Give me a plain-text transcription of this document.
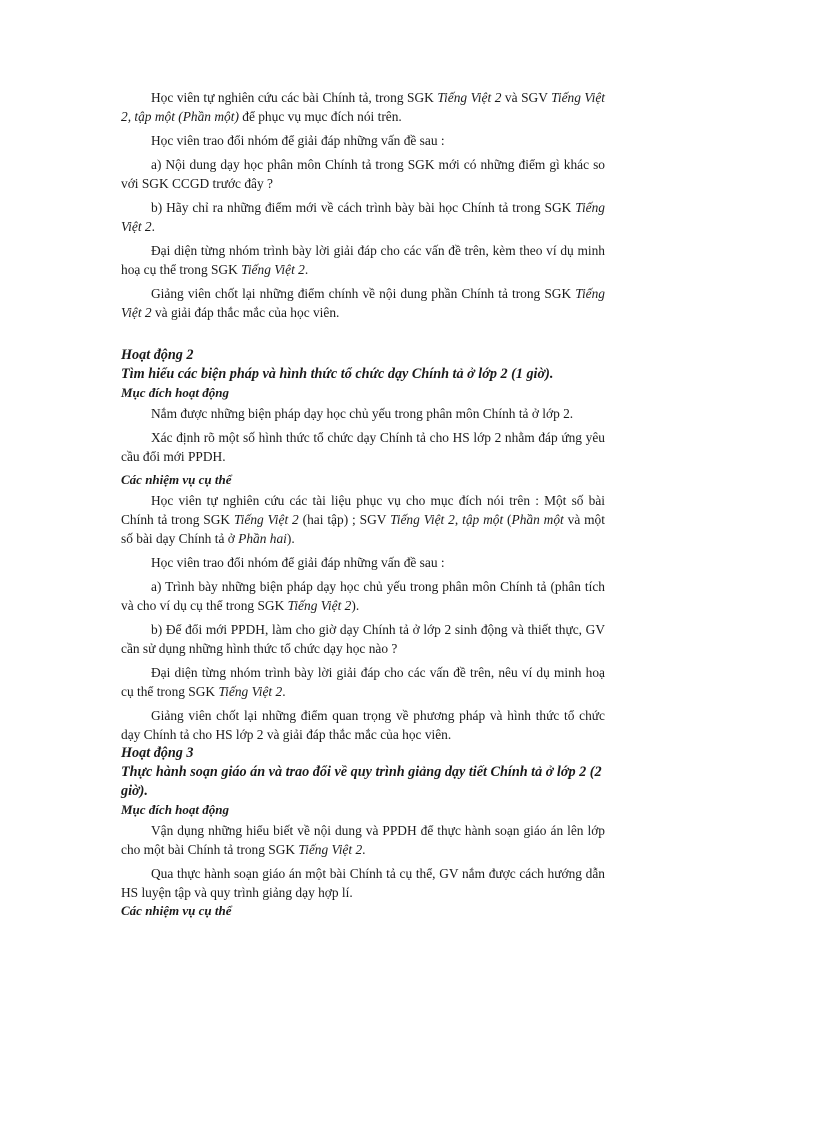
Học viên tự nghiên cứu các bài Chính tả, trong SGK Tiếng Việt 2 và SGV Tiếng Việt 2, tập một (Phần một) để phục vụ mục đích nói trên.

Học viên trao đổi nhóm để giải đáp những vấn đề sau :

a) Nội dung dạy học phân môn Chính tả trong SGK mới có những điểm gì khác so với SGK CCGD trước đây ?

b) Hãy chỉ ra những điểm mới về cách trình bày bài học Chính tả trong SGK Tiếng Việt 2.

Đại diện từng nhóm trình bày lời giải đáp cho các vấn đề trên, kèm theo ví dụ minh hoạ cụ thể trong SGK Tiếng Việt 2.

Giảng viên chốt lại những điểm chính về nội dung phần Chính tả trong SGK Tiếng Việt 2 và giải đáp thắc mắc của học viên.

Hoạt động 2

Tìm hiểu các biện pháp và hình thức tổ chức dạy Chính tả ở lớp 2 (1 giờ).

Mục đích hoạt động

Nắm được những biện pháp dạy học chủ yếu trong phân môn Chính tả ở lớp 2.

Xác định rõ một số hình thức tổ chức dạy Chính tả cho HS lớp 2 nhằm đáp ứng yêu cầu đổi mới PPDH.

Các nhiệm vụ cụ thể

Học viên tự nghiên cứu các tài liệu phục vụ cho mục đích nói trên : Một số bài Chính tả trong SGK Tiếng Việt 2 (hai tập) ; SGV Tiếng Việt 2, tập một (Phần một và một số bài dạy Chính tả ở Phần hai).

Học viên trao đổi nhóm để giải đáp những vấn đề sau :

a) Trình bày những biện pháp dạy học chủ yếu trong phân môn Chính tả (phân tích và cho ví dụ cụ thể trong SGK Tiếng Việt 2).

b) Để đổi mới PPDH, làm cho giờ dạy Chính tả ở lớp 2 sinh động và thiết thực, GV cần sử dụng những hình thức tổ chức dạy học nào ?

Đại diện từng nhóm trình bày lời giải đáp cho các vấn đề trên, nêu ví dụ minh hoạ cụ thể trong SGK Tiếng Việt 2.

Giảng viên chốt lại những điểm quan trọng về phương pháp và hình thức tổ chức dạy Chính tả cho HS lớp 2 và giải đáp thắc mắc của học viên.

Hoạt động 3

Thực hành soạn giáo án và trao đổi về quy trình giảng dạy tiết Chính tả ở lớp 2 (2 giờ).

Mục đích hoạt động

Vận dụng những hiểu biết về nội dung và PPDH để thực hành soạn giáo án lên lớp cho một bài Chính tả trong SGK Tiếng Việt 2.

Qua thực hành soạn giáo án một bài Chính tả cụ thể, GV nắm được cách hướng dẫn HS luyện tập và quy trình giảng dạy hợp lí.

Các nhiệm vụ cụ thể
